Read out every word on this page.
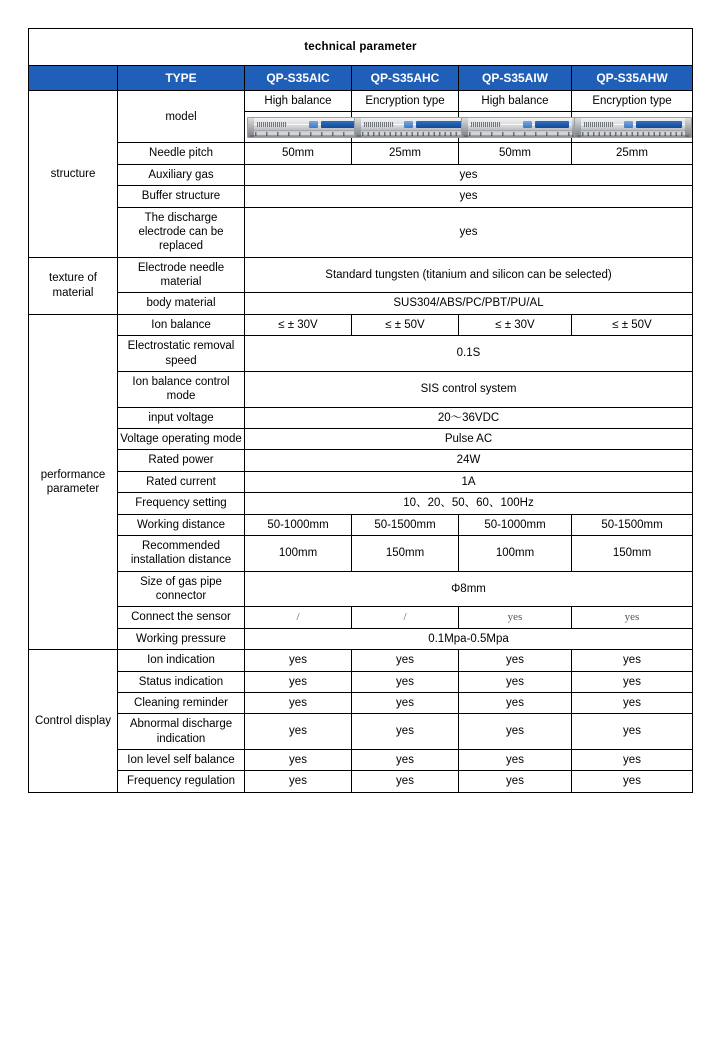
technical parameter					
	TYPE	QP-S35AIC	QP-S35AHC	QP-S35AIW	QP-S35AHW
structure	model	High balance	Encryption type	High balance	Encryption type

	Needle pitch	50mm	25mm	50mm	25mm
	Auxiliary gas	yes			
	Buffer structure	yes			
	The discharge electrode can be replaced	yes			
texture of material	Electrode needle material	Standard tungsten (titanium and silicon can be selected)			
	body material	SUS304/ABS/PC/PBT/PU/AL			
performance parameter	Ion balance	≤ ± 30V	≤ ± 50V	≤ ± 30V	≤ ± 50V
	Electrostatic removal speed	0.1S			
	Ion balance control mode	SIS control system			
	input voltage	20～36VDC			
	Voltage operating mode	Pulse AC			
	Rated power	24W			
	Rated current	1A			
	Frequency setting	10、20、50、60、100Hz			
	Working distance	50-1000mm	50-1500mm	50-1000mm	50-1500mm
	Recommended installation distance	100mm	150mm	100mm	150mm
	Size of gas pipe connector	Φ8mm			
	Connect the sensor	/	/	yes	yes
	Working pressure	0.1Mpa-0.5Mpa			
Control display	Ion indication	yes	yes	yes	yes
	Status indication	yes	yes	yes	yes
	Cleaning reminder	yes	yes	yes	yes
	Abnormal discharge indication	yes	yes	yes	yes
	Ion level self balance	yes	yes	yes	yes
	Frequency regulation	yes	yes	yes	yes
